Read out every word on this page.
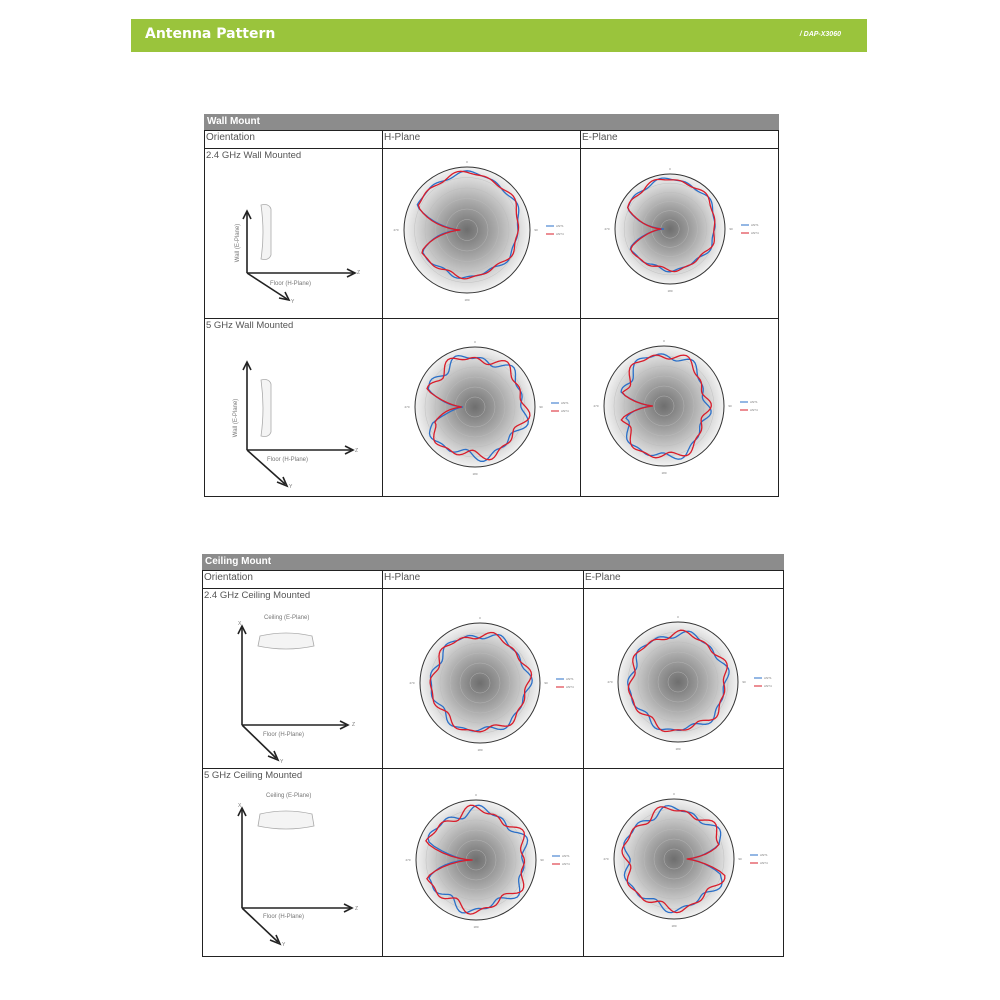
Antenna Pattern	/ DAP-X3060
Wall Mount
Orientation	H-Plane	E-Plane
2.4 GHz Wall Mounted
5 GHz Wall Mounted
Ceiling Mount
Orientation	H-Plane	E-Plane
2.4 GHz Ceiling Mounted
5 GHz Ceiling Mounted
Wall (E-Plane)
Floor (H-Plane)
Z
Y
Wall (E-Plane)
Floor (H-Plane)
Z
Y
Ceiling (E-Plane)
Floor (H-Plane)
X
Z
Y
Ceiling (E-Plane)
Floor (H-Plane)
X
Z
Y
0
90
180
270
ANT1
ANT4
0
90
180
270
ANT1
ANT4
0
90
180
270
ANT1
ANT4
0
90
180
270
ANT1
ANT4
0
90
180
270
ANT1
ANT4
0
90
180
270
ANT1
ANT4
0
90
180
270
ANT1
ANT4
0
90
180
270
ANT1
ANT4
